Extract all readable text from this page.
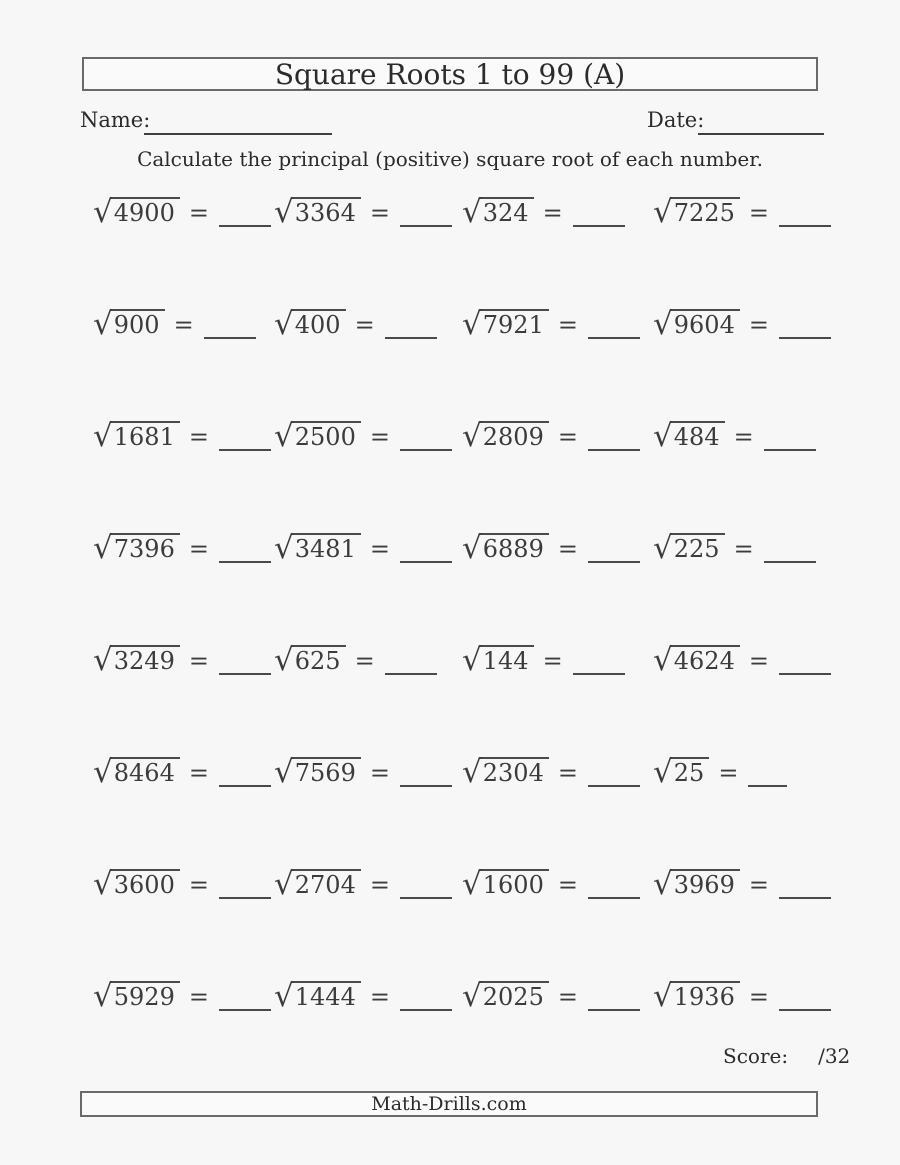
Square Roots 1 to 99 (A)
Name:	Date:
Calculate the principal (positive) square root of each number.
√4900 =	√3364 =	√324 =	√7225 =
√900 =	√400 =	√7921 =	√9604 =
√1681 =	√2500 =	√2809 =	√484 =
√7396 =	√3481 =	√6889 =	√225 =
√3249 =	√625 =	√144 =	√4624 =
√8464 =	√7569 =	√2304 =	√25 =
√3600 =	√2704 =	√1600 =	√3969 =
√5929 =	√1444 =	√2025 =	√1936 =
Score: /32
Math-Drills.com
